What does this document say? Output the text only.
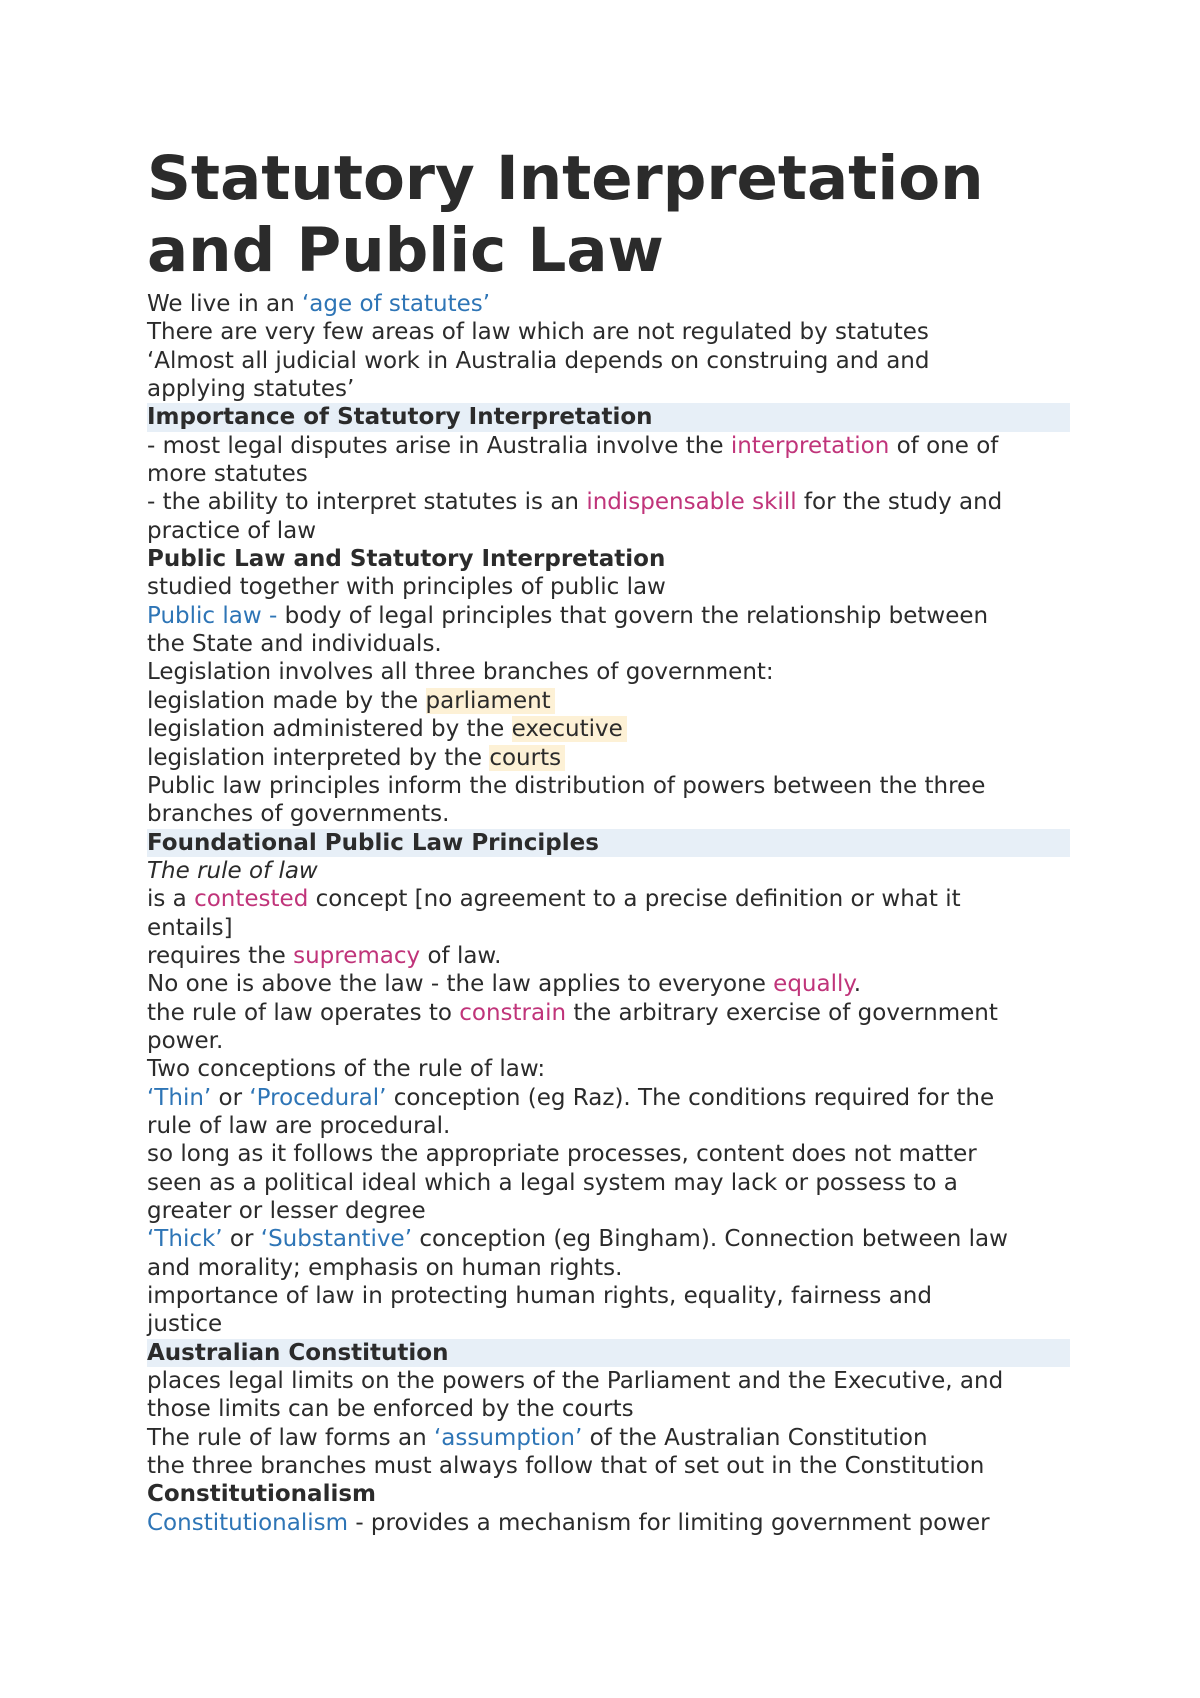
Statutory Interpretation
and Public Law
We live in an ‘age of statutes’
There are very few areas of law which are not regulated by statutes
‘Almost all judicial work in Australia depends on construing and and
applying statutes’
Importance of Statutory Interpretation
- most legal disputes arise in Australia involve the interpretation of one of
more statutes
- the ability to interpret statutes is an indispensable skill for the study and
practice of law
Public Law and Statutory Interpretation
studied together with principles of public law
Public law - body of legal principles that govern the relationship between
the State and individuals.
Legislation involves all three branches of government:
legislation made by the parliament
legislation administered by the executive
legislation interpreted by the courts
Public law principles inform the distribution of powers between the three
branches of governments.
Foundational Public Law Principles
The rule of law
is a contested concept [no agreement to a precise definition or what it
entails]
requires the supremacy of law.
No one is above the law - the law applies to everyone equally.
the rule of law operates to constrain the arbitrary exercise of government
power.
Two conceptions of the rule of law:
‘Thin’ or ‘Procedural’ conception (eg Raz). The conditions required for the
rule of law are procedural.
so long as it follows the appropriate processes, content does not matter
seen as a political ideal which a legal system may lack or possess to a
greater or lesser degree
‘Thick’ or ‘Substantive’ conception (eg Bingham). Connection between law
and morality; emphasis on human rights.
importance of law in protecting human rights, equality, fairness and
justice
Australian Constitution
places legal limits on the powers of the Parliament and the Executive, and
those limits can be enforced by the courts
The rule of law forms an ‘assumption’ of the Australian Constitution
the three branches must always follow that of set out in the Constitution
Constitutionalism
Constitutionalism - provides a mechanism for limiting government power
